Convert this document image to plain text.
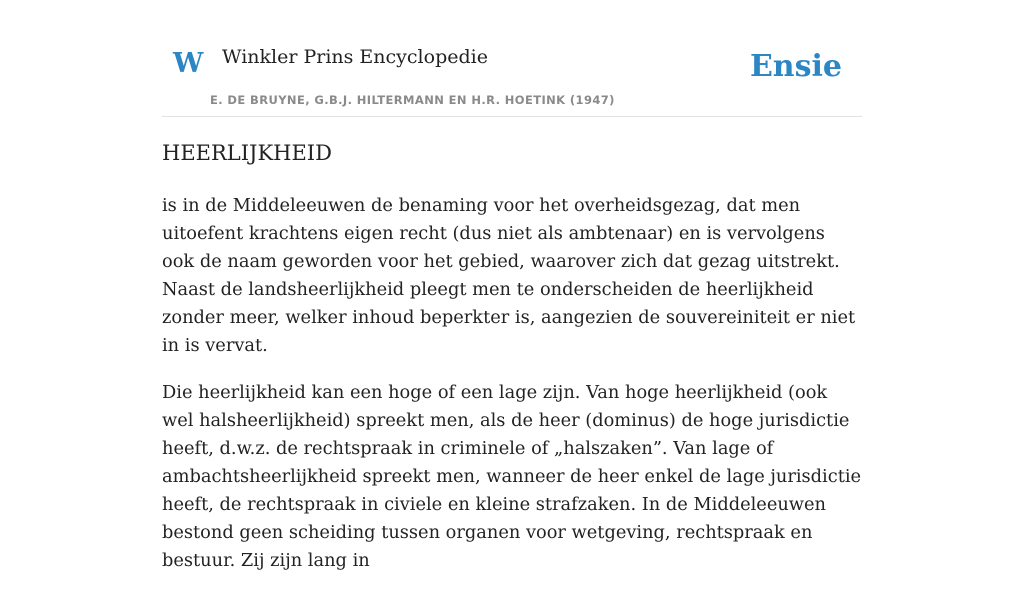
W Winkler Prins Encyclopedie	Ensie
E. DE BRUYNE, G.B.J. HILTERMANN EN H.R. HOETINK (1947)
HEERLIJKHEID

is in de Middeleeuwen de benaming voor het overheidsgezag, dat men uitoefent krachtens eigen recht (dus niet als ambtenaar) en is vervolgens ook de naam geworden voor het gebied, waarover zich dat gezag uitstrekt. Naast de landsheerlijkheid pleegt men te onderscheiden de heerlijkheid zonder meer, welker inhoud beperkter is, aangezien de souvereiniteit er niet in is vervat.

Die heerlijkheid kan een hoge of een lage zijn. Van hoge heerlijkheid (ook wel halsheerlijkheid) spreekt men, als de heer (dominus) de hoge jurisdictie heeft, d.w.z. de rechtspraak in criminele of „halszaken”. Van lage of ambachtsheerlijkheid spreekt men, wanneer de heer enkel de lage jurisdictie heeft, de rechtspraak in civiele en kleine strafzaken. In de Middeleeuwen bestond geen scheiding tussen organen voor wetgeving, rechtspraak en bestuur. Zij zijn lang in
